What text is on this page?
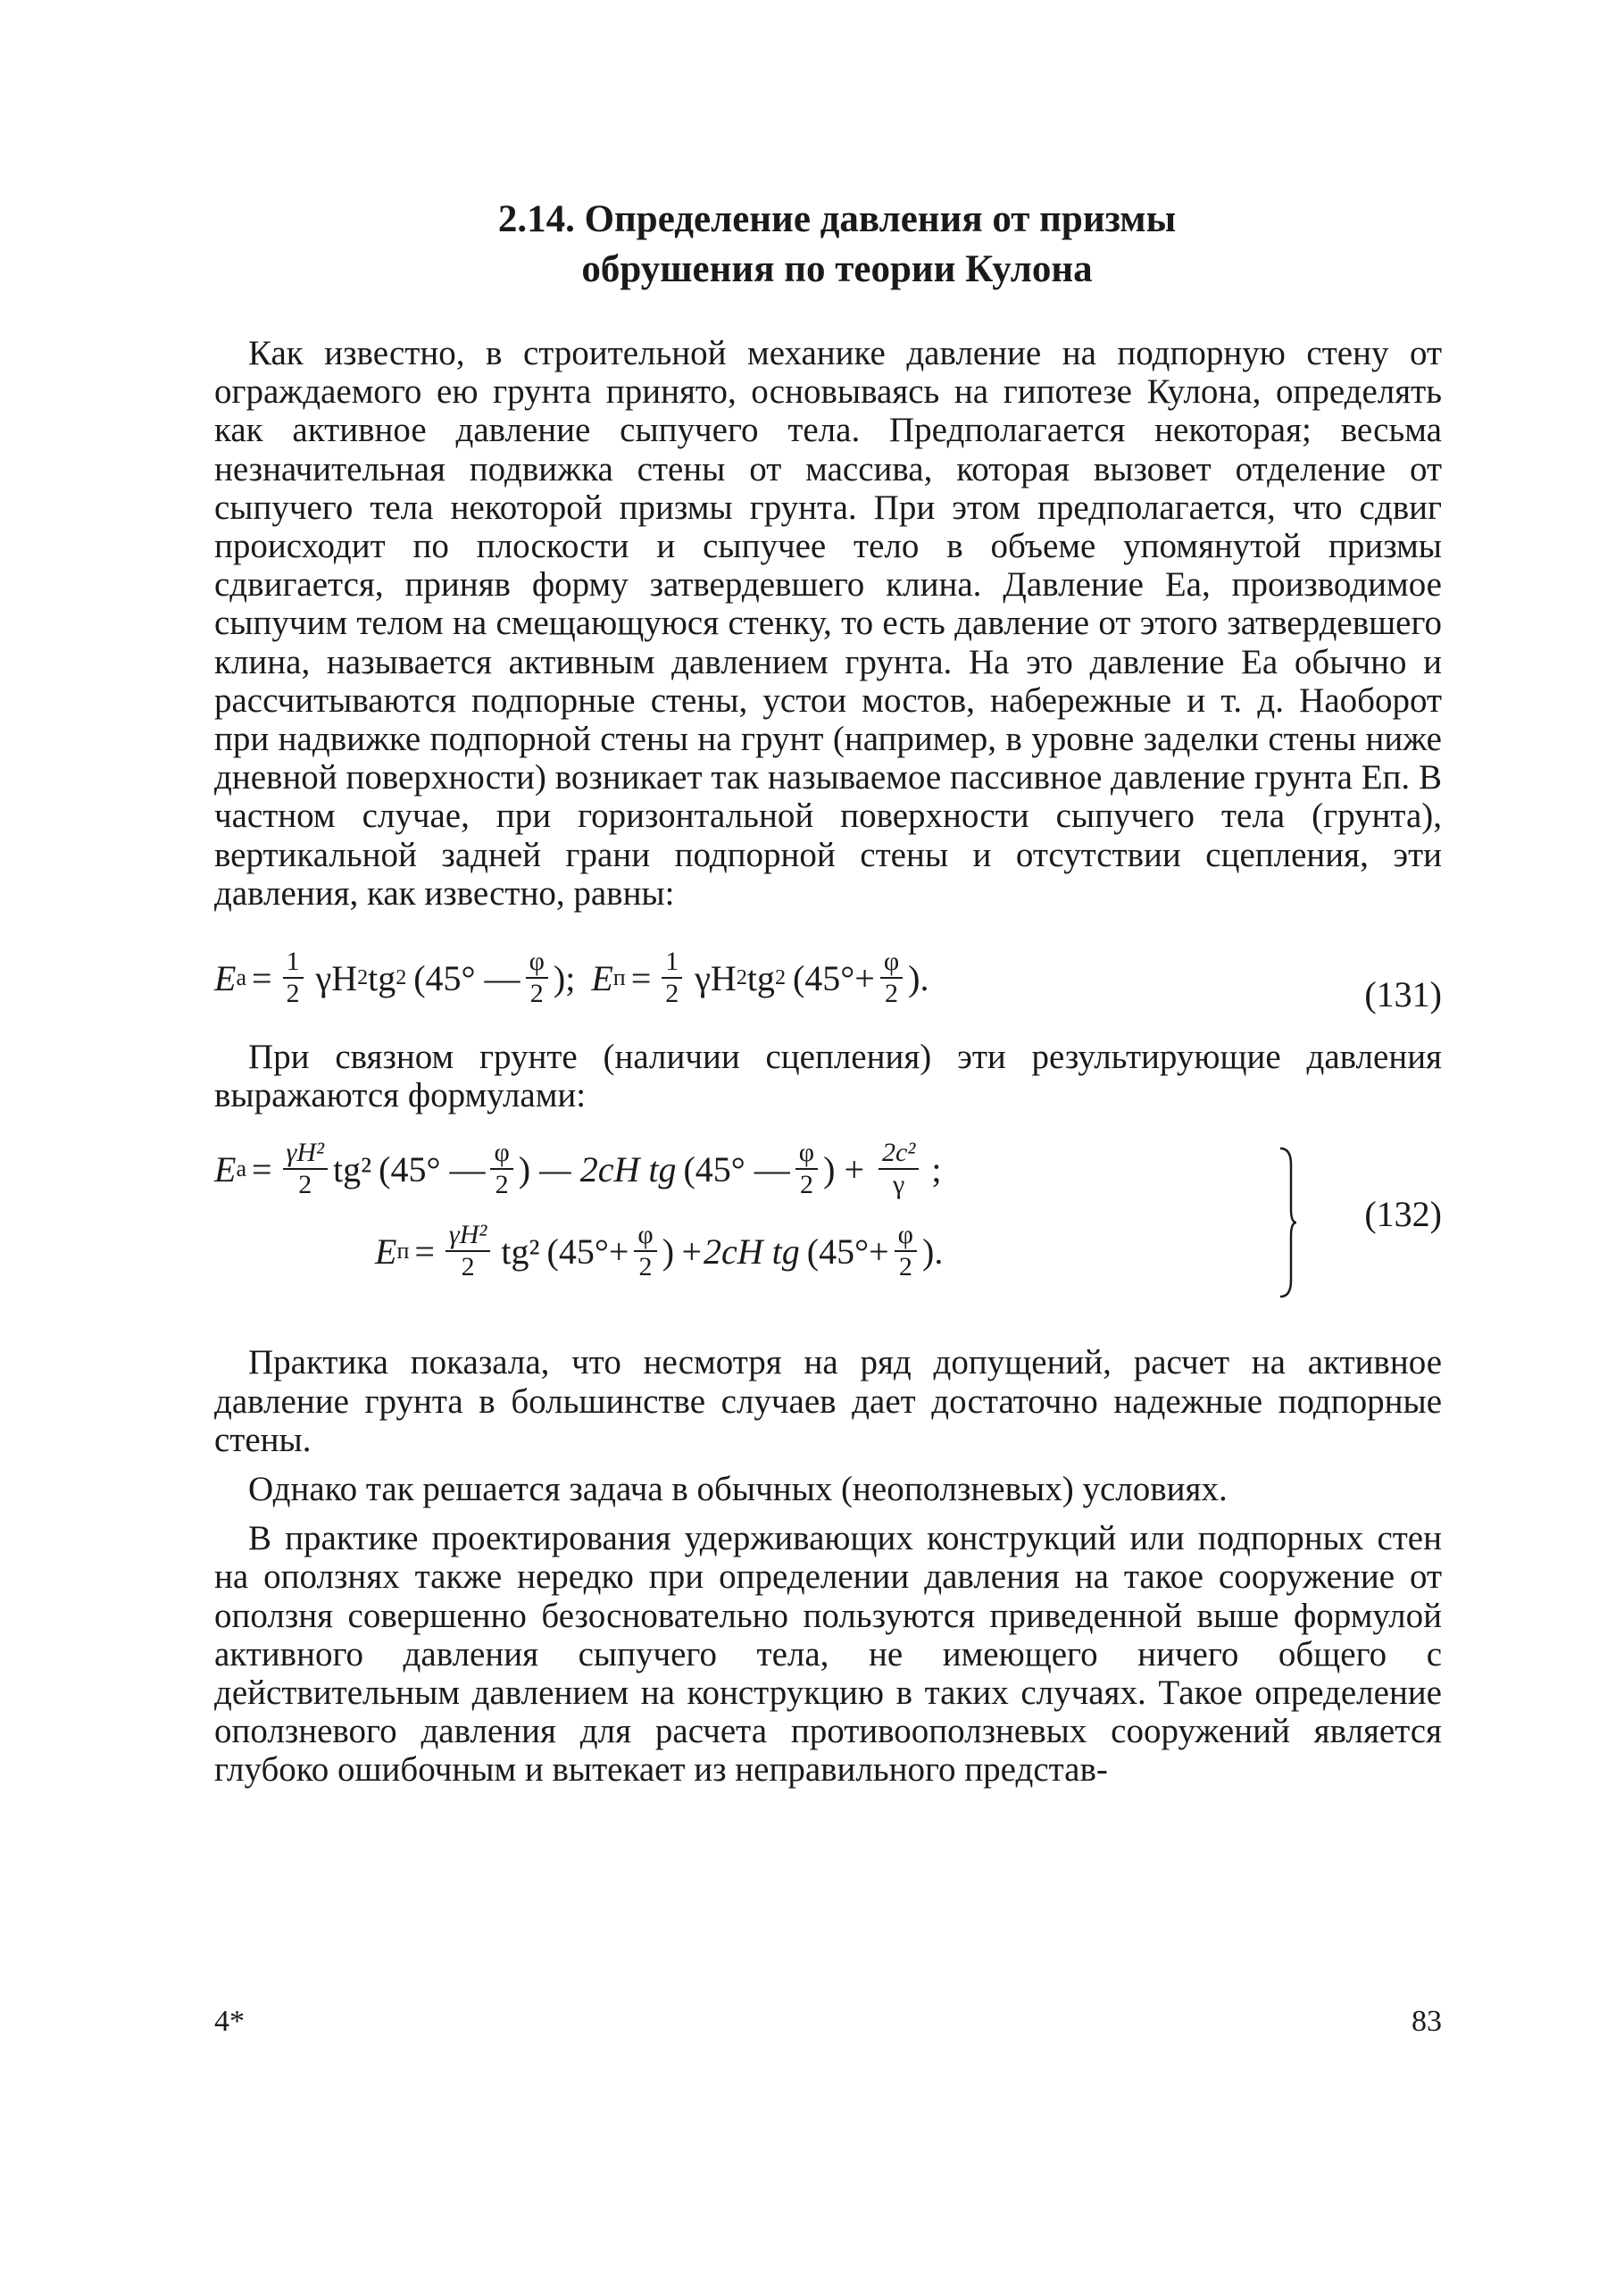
2.14. Определение давления от призмы
обрушения по теории Кулона

Как известно, в строительной механике давление на подпорную стену от ограждаемого ею грунта принято, основываясь на гипотезе Кулона, определять как активное давление сыпучего тела. Предполагается некоторая; весьма незначительная подвижка стены от массива, которая вызовет отделение от сыпучего тела некоторой призмы грунта. При этом предполагается, что сдвиг происходит по плоскости и сыпучее тело в объеме упомянутой призмы сдвигается, приняв форму затвердевшего клина. Давление Еа, производимое сыпучим телом на смещающуюся стенку, то есть давление от этого затвердевшего клина, называется активным давлением грунта. На это давление Еа обычно и рассчитываются подпорные стены, устои мостов, набережные и т. д. Наоборот при надвижке подпорной стены на грунт (например, в уровне заделки стены ниже дневной поверхности) возникает так называемое пассивное давление грунта Еп. В частном случае, при горизонтальной поверхности сыпучего тела (грунта), вертикальной задней грани подпорной стены и отсутствии сцепления, эти давления, как известно, равны:

E $а = \frac{1}{2}$ γH 2 tg 2 (45° — $\frac{\varphi}{2}$ ); E $п = \frac{1}{2}$ γH 2 tg 2 ($45^\circ+ \frac{\varphi}{2}$ ).	(131)

При связном грунте (наличии сцепления) эти результирующие давления выражаются формулами:

E $а = \frac{\text{γH²}}{2} tg^2$ (45° — $\frac{\varphi}{2}$ ) — 2cH tg (45° — $\frac{\varphi}{2}$ ) + $\frac{\text{2c²}}{\gamma}$ ;
E $п = \frac{\text{γH²}}{2} tg^2$ ($45^\circ+ \frac{\varphi}{2}$ ) +2cH tg ($45^\circ+ \frac{\varphi}{2}$ ).
(132)

Практика показала, что несмотря на ряд допущений, расчет на активное давление грунта в большинстве случаев дает достаточно надежные подпорные стены.

Однако так решается задача в обычных (неоползневых) условиях.

В практике проектирования удерживающих конструкций или подпорных стен на оползнях также нередко при определении давления на такое сооружение от оползня совершенно безосновательно пользуются приведенной выше формулой активного давления сыпучего тела, не имеющего ничего общего с действительным давлением на конструкцию в таких случаях. Такое определение оползневого давления для расчета противооползневых сооружений является глубоко ошибочным и вытекает из неправильного представ-

4*	83
